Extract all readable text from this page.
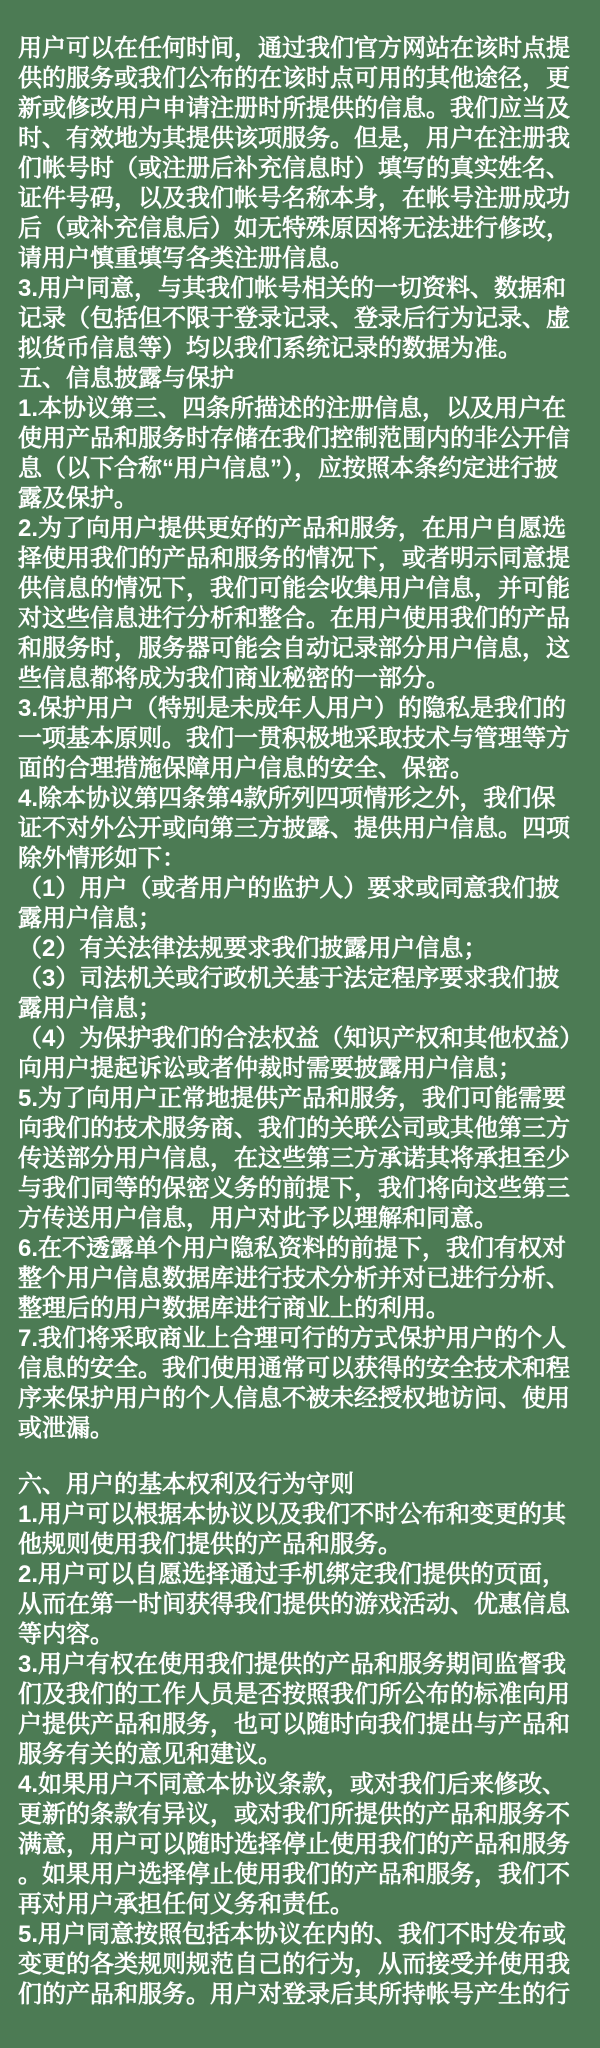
用户可以在任何时间，通过我们官方网站在该时点提供的服务或我们公布的在该时点可用的其他途径，更新或修改用户申请注册时所提供的信息。我们应当及时、有效地为其提供该项服务。但是，用户在注册我们帐号时（或注册后补充信息时）填写的真实姓名、证件号码，以及我们帐号名称本身，在帐号注册成功后（或补充信息后）如无特殊原因将无法进行修改，请用户慎重填写各类注册信息。

3.用户同意，与其我们帐号相关的一切资料、数据和记录（包括但不限于登录记录、登录后行为记录、虚拟货币信息等）均以我们系统记录的数据为准。

五、信息披露与保护

1.本协议第三、四条所描述的注册信息，以及用户在使用产品和服务时存储在我们控制范围内的非公开信息（以下合称“用户信息”），应按照本条约定进行披露及保护。

2.为了向用户提供更好的产品和服务，在用户自愿选择使用我们的产品和服务的情况下，或者明示同意提供信息的情况下，我们可能会收集用户信息，并可能对这些信息进行分析和整合。在用户使用我们的产品和服务时，服务器可能会自动记录部分用户信息，这些信息都将成为我们商业秘密的一部分。

3.保护用户（特别是未成年人用户）的隐私是我们的一项基本原则。我们一贯积极地采取技术与管理等方面的合理措施保障用户信息的安全、保密。

4.除本协议第四条第4款所列四项情形之外，我们保证不对外公开或向第三方披露、提供用户信息。四项除外情形如下：

（1）用户（或者用户的监护人）要求或同意我们披露用户信息；

（2）有关法律法规要求我们披露用户信息；

（3）司法机关或行政机关基于法定程序要求我们披露用户信息；

（4）为保护我们的合法权益（知识产权和其他权益）向用户提起诉讼或者仲裁时需要披露用户信息；

5.为了向用户正常地提供产品和服务，我们可能需要向我们的技术服务商、我们的关联公司或其他第三方传送部分用户信息，在这些第三方承诺其将承担至少与我们同等的保密义务的前提下，我们将向这些第三方传送用户信息，用户对此予以理解和同意。

6.在不透露单个用户隐私资料的前提下，我们有权对整个用户信息数据库进行技术分析并对已进行分析、整理后的用户数据库进行商业上的利用。

7.我们将采取商业上合理可行的方式保护用户的个人信息的安全。我们使用通常可以获得的安全技术和程序来保护用户的个人信息不被未经授权地访问、使用或泄漏。

六、用户的基本权利及行为守则

1.用户可以根据本协议以及我们不时公布和变更的其他规则使用我们提供的产品和服务。

2.用户可以自愿选择通过手机绑定我们提供的页面，从而在第一时间获得我们提供的游戏活动、优惠信息等内容。

3.用户有权在使用我们提供的产品和服务期间监督我们及我们的工作人员是否按照我们所公布的标准向用户提供产品和服务，也可以随时向我们提出与产品和服务有关的意见和建议。

4.如果用户不同意本协议条款，或对我们后来修改、更新的条款有异议，或对我们所提供的产品和服务不满意，用户可以随时选择停止使用我们的产品和服务。如果用户选择停止使用我们的产品和服务，我们不再对用户承担任何义务和责任。

5.用户同意按照包括本协议在内的、我们不时发布或变更的各类规则规范自己的行为，从而接受并使用我们的产品和服务。用户对登录后其所持帐号产生的行
